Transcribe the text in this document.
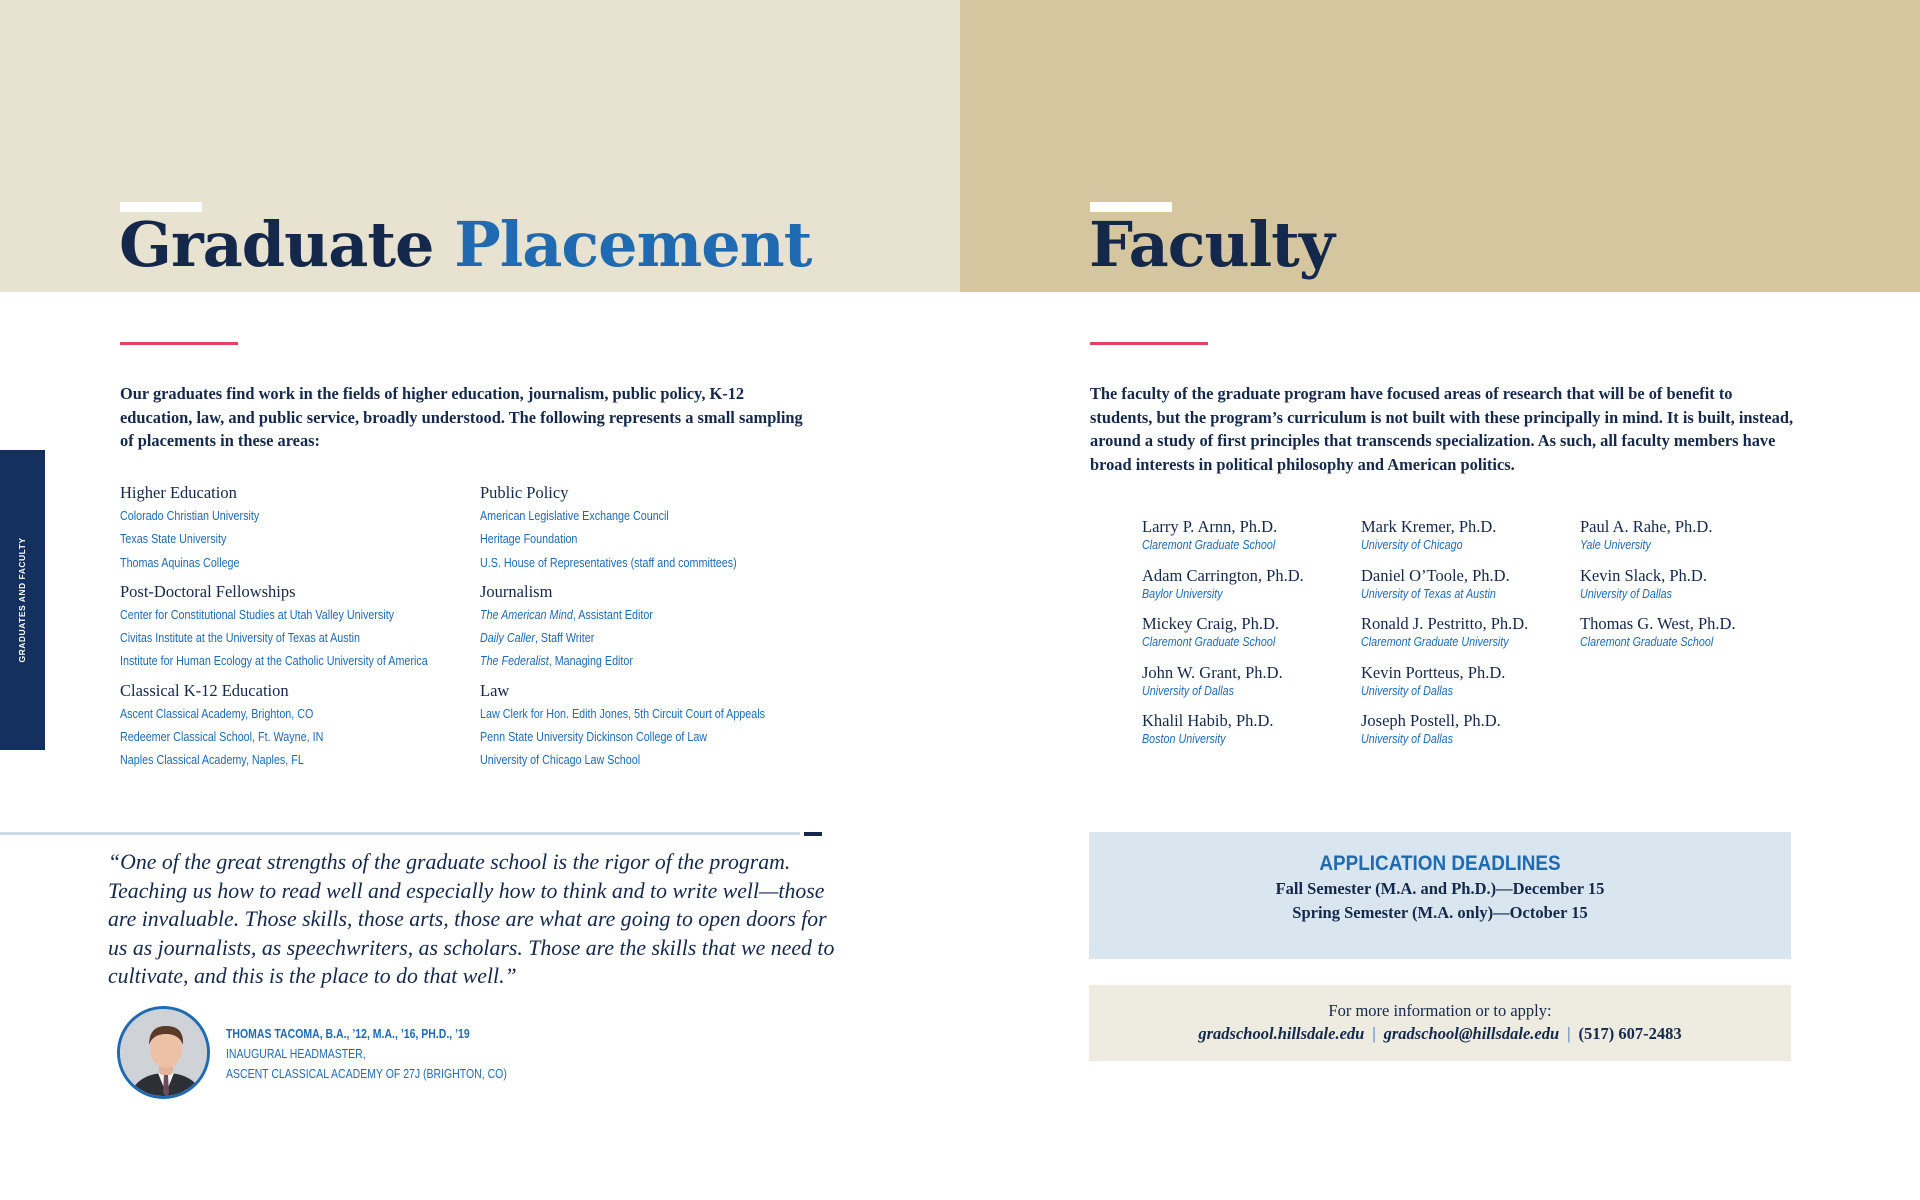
Graduate Placement

Our graduates find work in the fields of higher education, journalism, public policy, K-12 education, law, and public service, broadly understood. The following represents a small sampling of placements in these areas:

GRADUATES AND FACULTY
Higher Education
Colorado Christian University
Texas State University
Thomas Aquinas College
Post-Doctoral Fellowships
Center for Constitutional Studies at Utah Valley University
Civitas Institute at the University of Texas at Austin
Institute for Human Ecology at the Catholic University of America
Classical K-12 Education
Ascent Classical Academy, Brighton, CO
Redeemer Classical School, Ft. Wayne, IN
Naples Classical Academy, Naples, FL
Public Policy
American Legislative Exchange Council
Heritage Foundation
U.S. House of Representatives (staff and committees)
Journalism
The American Mind, Assistant Editor
Daily Caller, Staff Writer
The Federalist, Managing Editor
Law
Law Clerk for Hon. Edith Jones, 5th Circuit Court of Appeals
Penn State University Dickinson College of Law
University of Chicago Law School

“One of the great strengths of the graduate school is the rigor of the program. Teaching us how to read well and especially how to think and to write well—those are invaluable. Those skills, those arts, those are what are going to open doors for us as journalists, as speechwriters, as scholars. Those are the skills that we need to cultivate, and this is the place to do that well.”

THOMAS TACOMA, B.A., ’12, M.A., ’16, PH.D., ’19
INAUGURAL HEADMASTER,
ASCENT CLASSICAL ACADEMY OF 27J (BRIGHTON, CO)
Faculty

The faculty of the graduate program have focused areas of research that will be of benefit to students, but the program’s curriculum is not built with these principally in mind. It is built, instead, around a study of first principles that transcends specialization. As such, all faculty members have broad interests in political philosophy and American politics.

Larry P. Arnn, Ph.D.
Claremont Graduate School
Adam Carrington, Ph.D.
Baylor University
Mickey Craig, Ph.D.
Claremont Graduate School
John W. Grant, Ph.D.
University of Dallas
Khalil Habib, Ph.D.
Boston University
Mark Kremer, Ph.D.
University of Chicago
Daniel O’Toole, Ph.D.
University of Texas at Austin
Ronald J. Pestritto, Ph.D.
Claremont Graduate University
Kevin Portteus, Ph.D.
University of Dallas
Joseph Postell, Ph.D.
University of Dallas
Paul A. Rahe, Ph.D.
Yale University
Kevin Slack, Ph.D.
University of Dallas
Thomas G. West, Ph.D.
Claremont Graduate School
APPLICATION DEADLINES
Fall Semester (M.A. and Ph.D.)—December 15
Spring Semester (M.A. only)—October 15
For more information or to apply:
gradschool.hillsdale.edu | gradschool@hillsdale.edu | (517) 607-2483
